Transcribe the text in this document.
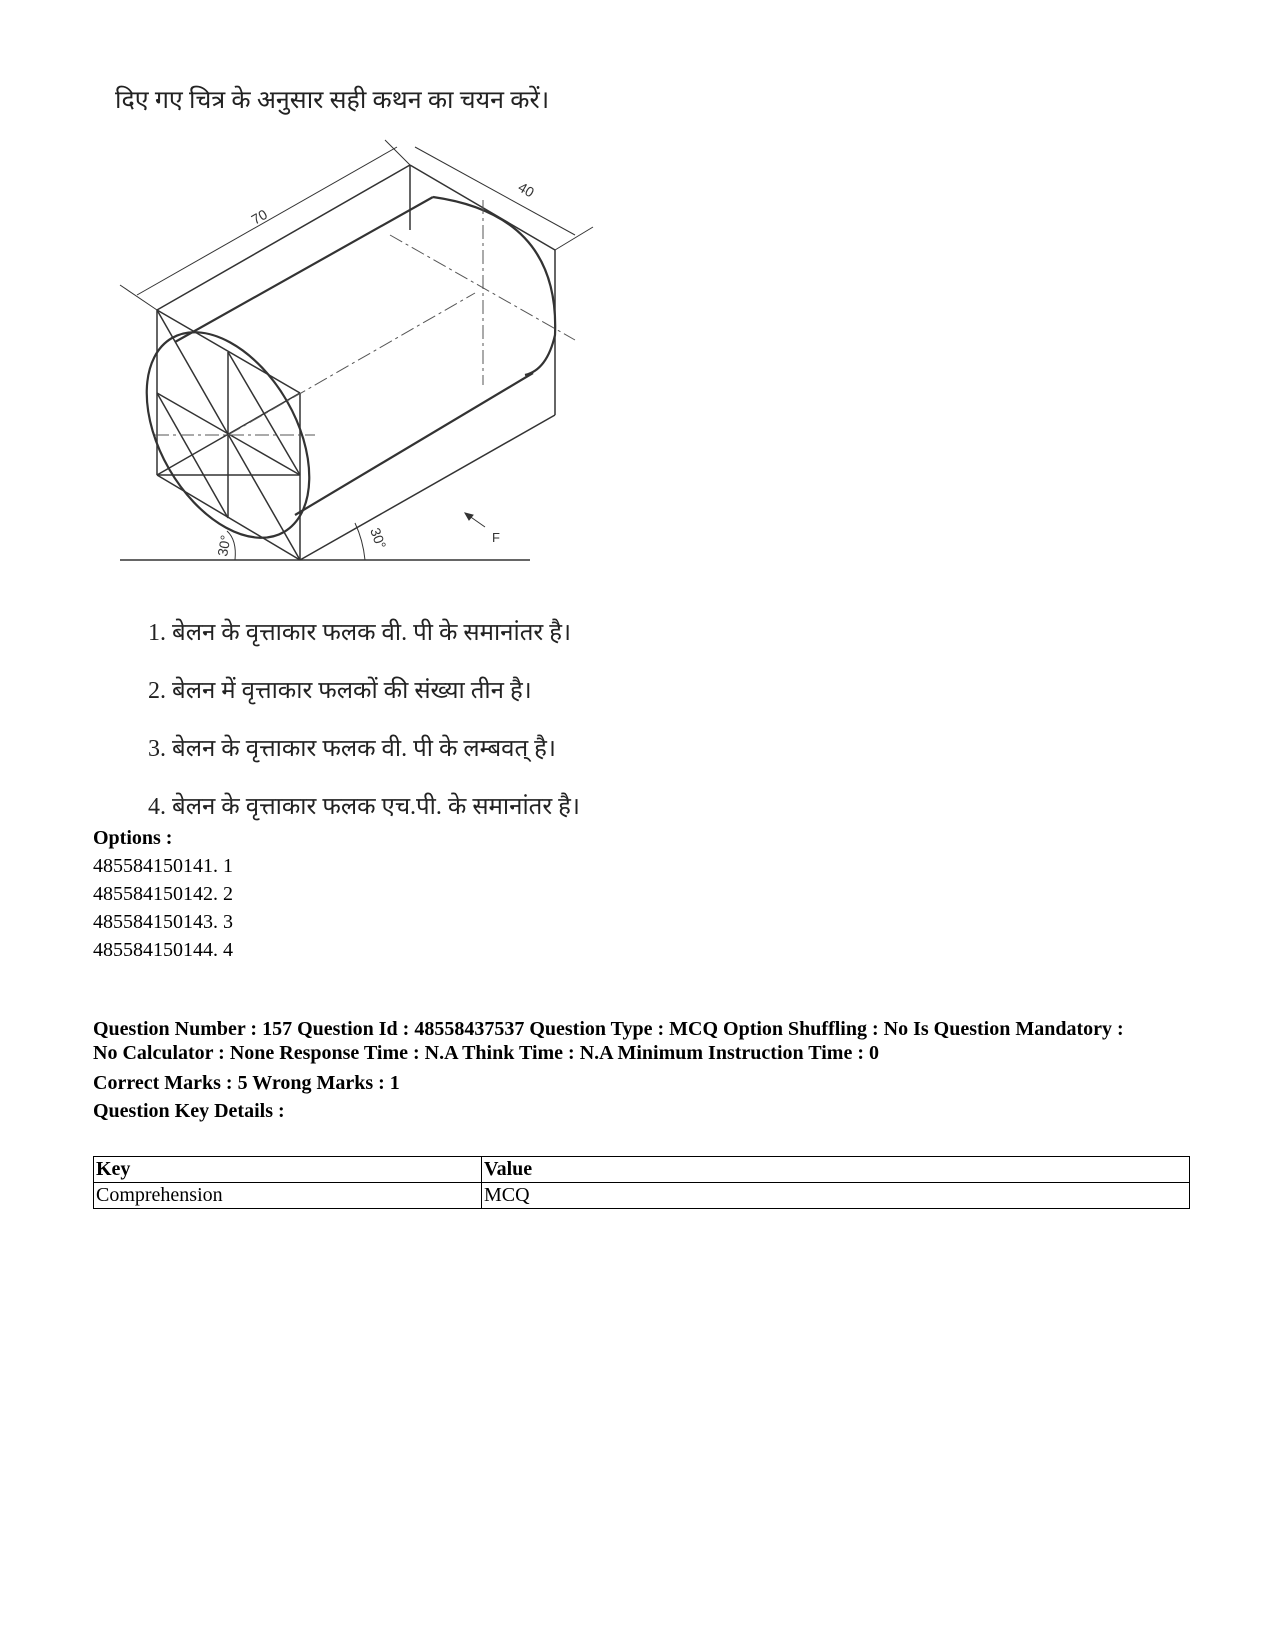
दिए गए चित्र के अनुसार सही कथन का चयन करें।
70
40
30°	30°	F
1. बेलन के वृत्ताकार फलक वी. पी के समानांतर है।
2. बेलन में वृत्ताकार फलकों की संख्या तीन है।
3. बेलन के वृत्ताकार फलक वी. पी के लम्बवत् है।
4. बेलन के वृत्ताकार फलक एच.पी. के समानांतर है।
Options :
485584150141. 1
485584150142. 2
485584150143. 3
485584150144. 4
Question Number : 157 Question Id : 48558437537 Question Type : MCQ Option Shuffling : No Is Question Mandatory :
No Calculator : None Response Time : N.A Think Time : N.A Minimum Instruction Time : 0
Correct Marks : 5 Wrong Marks : 1
Question Key Details :
Key	Value
Comprehension	MCQ
